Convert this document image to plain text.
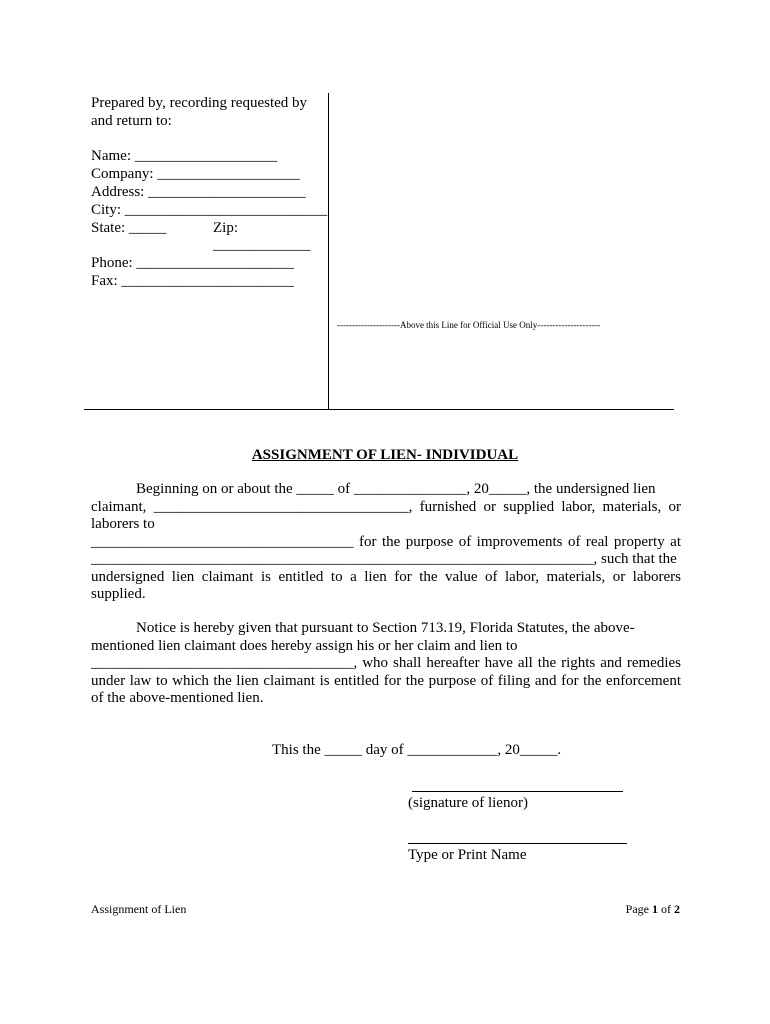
Prepared by, recording requested by
and return to:
Name: ___________________
Company: ___________________
Address: _____________________
City: ___________________________
State: _____	Zip:
_____________
Phone: _____________________
Fax: _______________________
---------------------Above this Line for Official Use Only---------------------
ASSIGNMENT OF LIEN- INDIVIDUAL
Beginning on or about the _____ of _______________, 20_____, the undersigned lien
claimant, __________________________________, furnished or supplied labor, materials, or
laborers to
___________________________________ for the purpose of improvements of real property at
___________________________________________________________________, such that the
undersigned lien claimant is entitled to a lien for the value of labor, materials, or laborers
supplied.
Notice is hereby given that pursuant to Section 713.19, Florida Statutes, the above-
mentioned lien claimant does hereby assign his or her claim and lien to
___________________________________, who shall hereafter have all the rights and remedies
under law to which the lien claimant is entitled for the purpose of filing and for the enforcement
of the above-mentioned lien.
This the _____ day of ____________, 20_____.
(signature of lienor)
Type or Print Name
Assignment of Lien	Page 1 of 2
